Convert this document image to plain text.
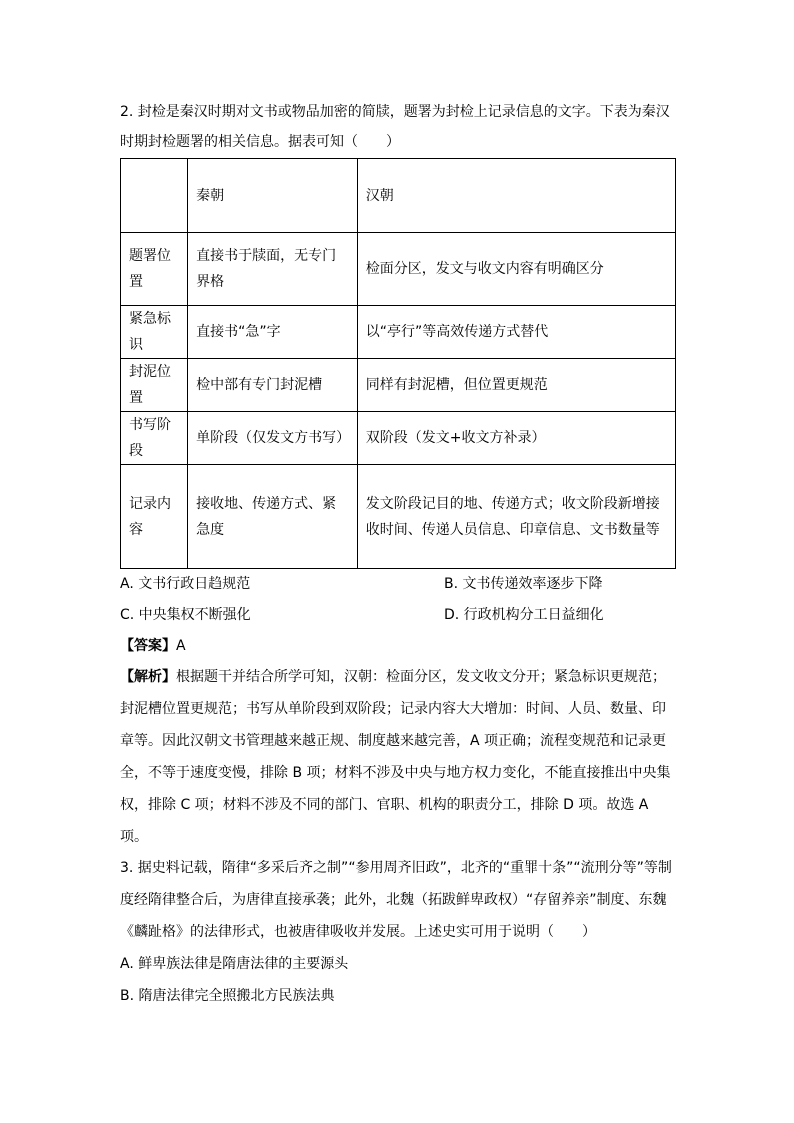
2. 封检是秦汉时期对文书或物品加密的简牍，题署为封检上记录信息的文字。下表为秦汉
时期封检题署的相关信息。据表可知（　　）
	秦朝	汉朝
题署位置	直接书于牍面，无专门界格	检面分区，发文与收文内容有明确区分
紧急标识	直接书“急”字	以“亭行”等高效传递方式替代
封泥位置	检中部有专门封泥槽	同样有封泥槽，但位置更规范
书写阶段	单阶段（仅发文方书写）	双阶段（发文+收文方补录）
记录内容	接收地、传递方式、紧急度	发文阶段记目的地、传递方式；收文阶段新增接收时间、传递人员信息、印章信息、文书数量等
A. 文书行政日趋规范	B. 文书传递效率逐步下降
C. 中央集权不断强化	D. 行政机构分工日益细化
【答案】A
【解析】根据题干并结合所学可知，汉朝：检面分区，发文收文分开；紧急标识更规范；
封泥槽位置更规范；书写从单阶段到双阶段；记录内容大大增加：时间、人员、数量、印
章等。因此汉朝文书管理越来越正规、制度越来越完善，A 项正确；流程变规范和记录更
全，不等于速度变慢，排除 B 项；材料不涉及中央与地方权力变化，不能直接推出中央集
权，排除 C 项；材料不涉及不同的部门、官职、机构的职责分工，排除 D 项。故选 A
项。
3. 据史料记载，隋律“多采后齐之制”“参用周齐旧政”，北齐的“重罪十条”“流刑分等”等制
度经隋律整合后，为唐律直接承袭；此外，北魏（拓跋鲜卑政权）“存留养亲”制度、东魏
《麟趾格》的法律形式，也被唐律吸收并发展。上述史实可用于说明（　　）
A. 鲜卑族法律是隋唐法律的主要源头
B. 隋唐法律完全照搬北方民族法典
